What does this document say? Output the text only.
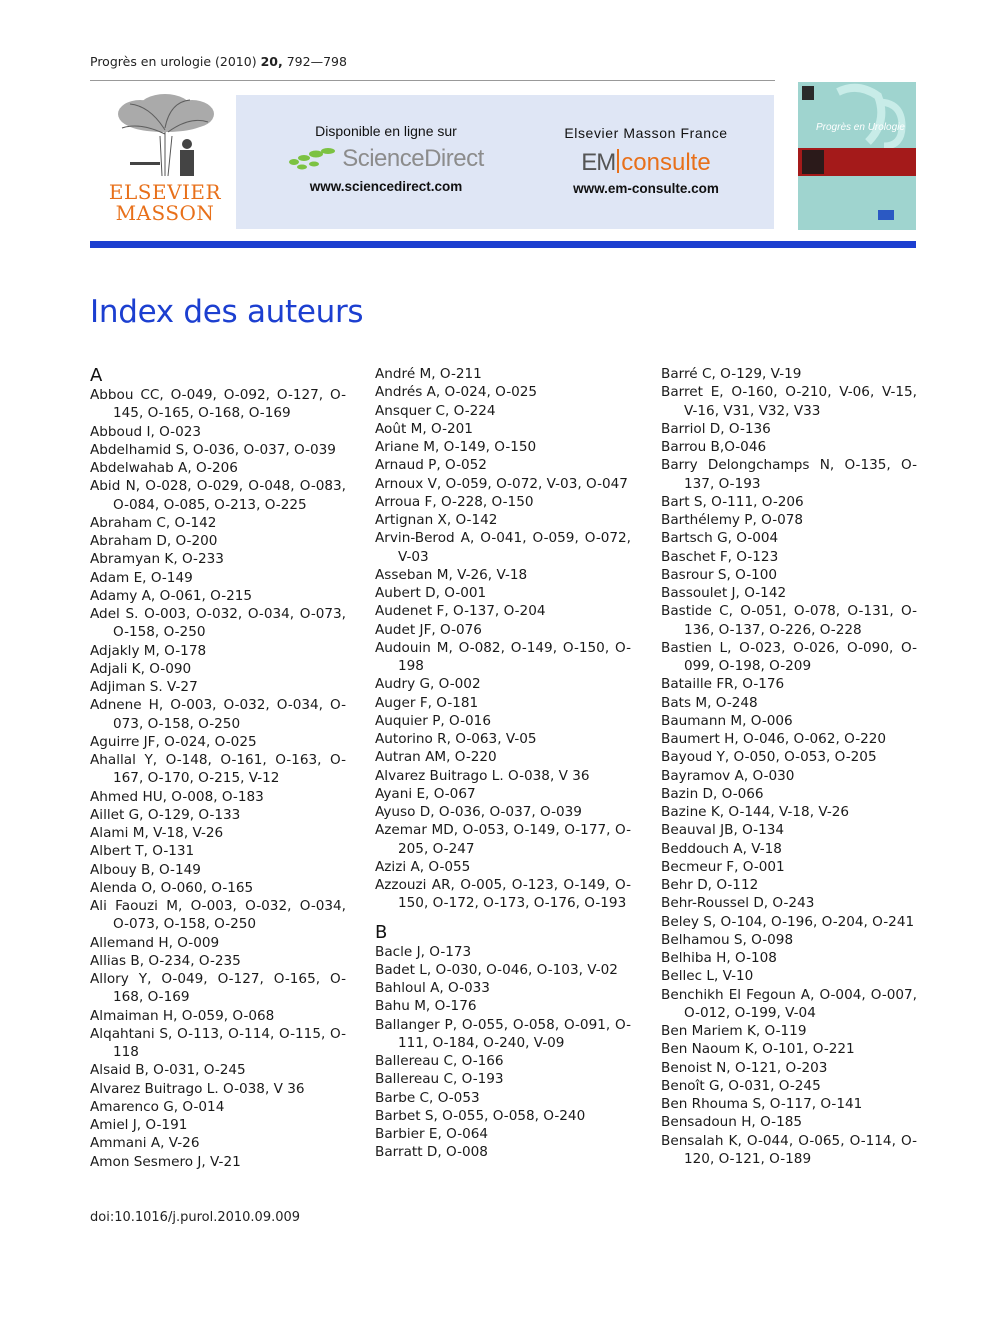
Progrès en urologie (2010) 20, 792—798
ELSEVIER
MASSON
Disponible en ligne sur
ScienceDirect
www.sciencedirect.com
Elsevier Masson France
EM consulte
www.em-consulte.com
Progrès en Urologie
Index des auteurs
A
Abbou CC, O-049, O-092, O-127, O-145, O-165, O-168, O-169
Abboud I, O-023
Abdelhamid S, O-036, O-037, O-039
Abdelwahab A, O-206
Abid N, O-028, O-029, O-048, O-083, O-084, O-085, O-213, O-225
Abraham C, O-142
Abraham D, O-200
Abramyan K, O-233
Adam E, O-149
Adamy A, O-061, O-215
Adel S. O-003, O-032, O-034, O-073, O-158, O-250
Adjakly M, O-178
Adjali K, O-090
Adjiman S. V-27
Adnene H, O-003, O-032, O-034, O-073, O-158, O-250
Aguirre JF, O-024, O-025
Ahallal Y, O-148, O-161, O-163, O-167, O-170, O-215, V-12
Ahmed HU, O-008, O-183
Aillet G, O-129, O-133
Alami M, V-18, V-26
Albert T, O-131
Albouy B, O-149
Alenda O, O-060, O-165
Ali Faouzi M, O-003, O-032, O-034, O-073, O-158, O-250
Allemand H, O-009
Allias B, O-234, O-235
Allory Y, O-049, O-127, O-165, O-168, O-169
Almaiman H, O-059, O-068
Alqahtani S, O-113, O-114, O-115, O-118
Alsaid B, O-031, O-245
Alvarez Buitrago L. O-038, V 36
Amarenco G, O-014
Amiel J, O-191
Ammani A, V-26
Amon Sesmero J, V-21
André M, O-211
Andrés A, O-024, O-025
Ansquer C, O-224
Août M, O-201
Ariane M, O-149, O-150
Arnaud P, O-052
Arnoux V, O-059, O-072, V-03, O-047
Arroua F, O-228, O-150
Artignan X, O-142
Arvin-Berod A, O-041, O-059, O-072, V-03
Asseban M, V-26, V-18
Aubert D, O-001
Audenet F, O-137, O-204
Audet JF, O-076
Audouin M, O-082, O-149, O-150, O-198
Audry G, O-002
Auger F, O-181
Auquier P, O-016
Autorino R, O-063, V-05
Autran AM, O-220
Alvarez Buitrago L. O-038, V 36
Ayani E, O-067
Ayuso D, O-036, O-037, O-039
Azemar MD, O-053, O-149, O-177, O-205, O-247
Azizi A, O-055
Azzouzi AR, O-005, O-123, O-149, O-150, O-172, O-173, O-176, O-193
B
Bacle J, O-173
Badet L, O-030, O-046, O-103, V-02
Bahloul A, O-033
Bahu M, O-176
Ballanger P, O-055, O-058, O-091, O-111, O-184, O-240, V-09
Ballereau C, O-166
Ballereau C, O-193
Barbe C, O-053
Barbet S, O-055, O-058, O-240
Barbier E, O-064
Barratt D, O-008
Barré C, O-129, V-19
Barret E, O-160, O-210, V-06, V-15, V-16, V31, V32, V33
Barriol D, O-136
Barrou B,O-046
Barry Delongchamps N, O-135, O-137, O-193
Bart S, O-111, O-206
Barthélemy P, O-078
Bartsch G, O-004
Baschet F, O-123
Basrour S, O-100
Bassoulet J, O-142
Bastide C, O-051, O-078, O-131, O-136, O-137, O-226, O-228
Bastien L, O-023, O-026, O-090, O-099, O-198, O-209
Bataille FR, O-176
Bats M, O-248
Baumann M, O-006
Baumert H, O-046, O-062, O-220
Bayoud Y, O-050, O-053, O-205
Bayramov A, O-030
Bazin D, O-066
Bazine K, O-144, V-18, V-26
Beauval JB, O-134
Beddouch A, V-18
Becmeur F, O-001
Behr D, O-112
Behr-Roussel D, O-243
Beley S, O-104, O-196, O-204, O-241
Belhamou S, O-098
Belhiba H, O-108
Bellec L, V-10
Benchikh El Fegoun A, O-004, O-007, O-012, O-199, V-04
Ben Mariem K, O-119
Ben Naoum K, O-101, O-221
Benoist N, O-121, O-203
Benoît G, O-031, O-245
Ben Rhouma S, O-117, O-141
Bensadoun H, O-185
Bensalah K, O-044, O-065, O-114, O-120, O-121, O-189
doi:10.1016/j.purol.2010.09.009
